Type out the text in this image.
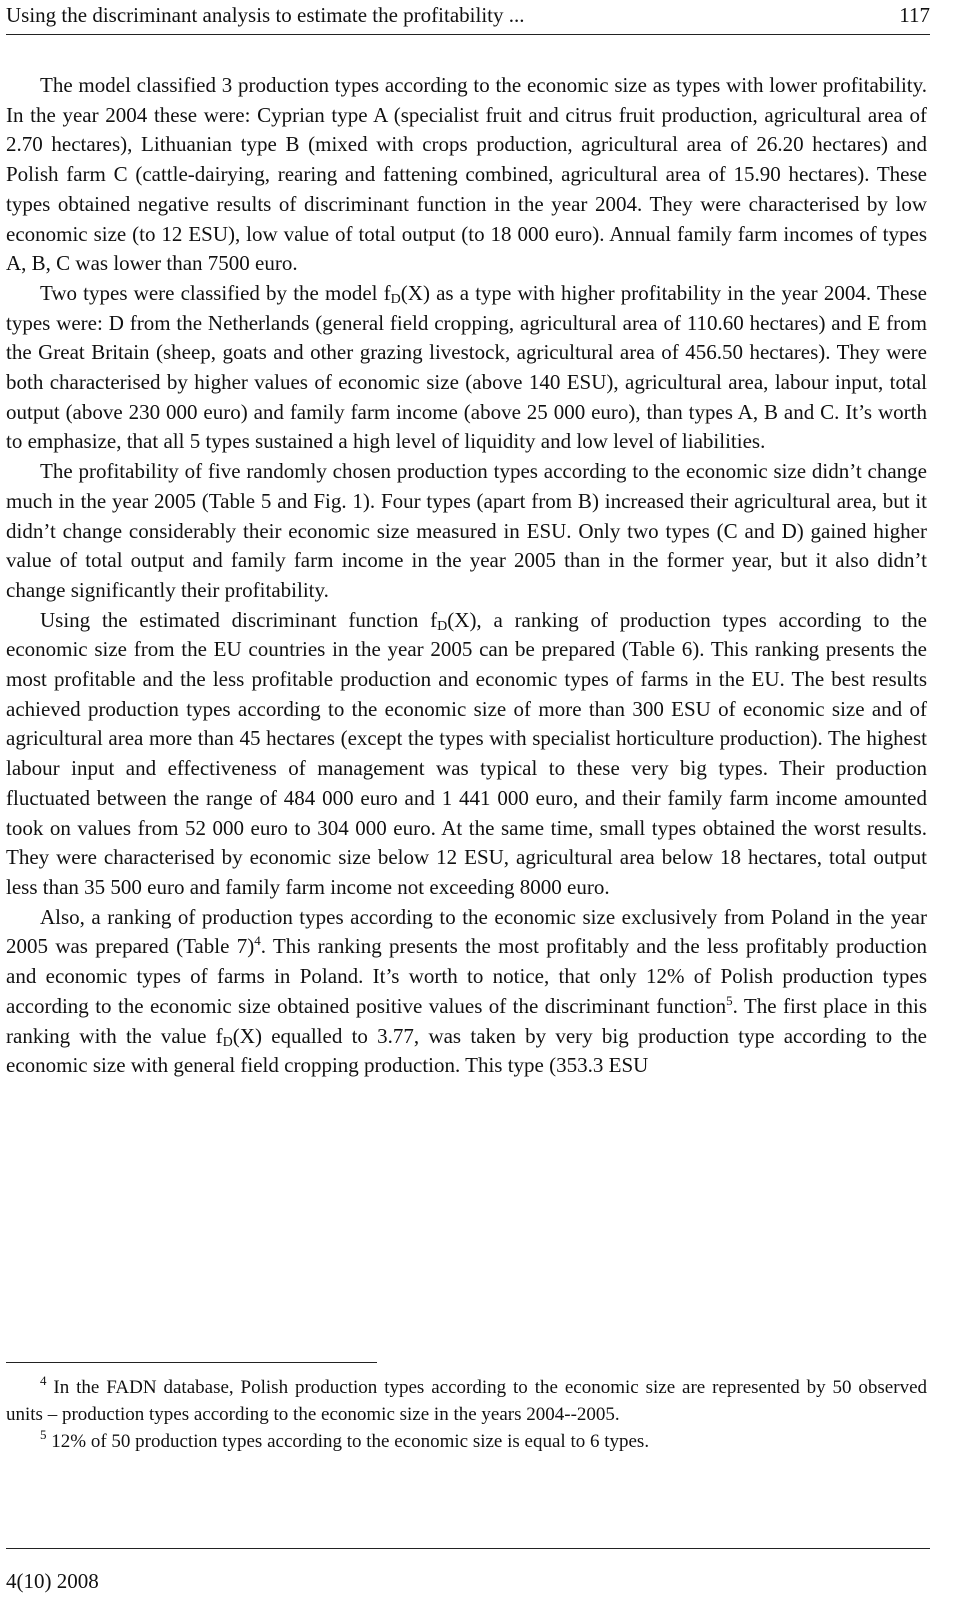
Using the discriminant analysis to estimate the profitability ...	117

The model classified 3 production types according to the economic size as types with lower profitability. In the year 2004 these were: Cyprian type A (specialist fruit and citrus fruit production, agricultural area of 2.70 hectares), Lithuanian type B (mixed with crops production, agricultural area of 26.20 hectares) and Polish farm C (cattle-dairying, rearing and fattening combined, agricultural area of 15.90 hectares). These types obtained negative results of discriminant function in the year 2004. They were characterised by low economic size (to 12 ESU), low value of total output (to 18 000 euro). Annual family farm incomes of types A, B, C was lower than 7500 euro.

Two types were classified by the model $f_D(X)$ as a type with higher profitability in the year 2004. These types were: D from the Netherlands (general field cropping, agricultural area of 110.60 hectares) and E from the Great Britain (sheep, goats and other grazing livestock, agricultural area of 456.50 hectares). They were both characterised by higher values of economic size (above 140 ESU), agricultural area, labour input, total output (above 230 000 euro) and family farm income (above 25 000 euro), than types A, B and C. It’s worth to emphasize, that all 5 types sustained a high level of liquidity and low level of liabilities.

The profitability of five randomly chosen production types according to the economic size didn’t change much in the year 2005 (Table 5 and Fig. 1). Four types (apart from B) increased their agricultural area, but it didn’t change considerably their economic size measured in ESU. Only two types (C and D) gained higher value of total output and family farm income in the year 2005 than in the former year, but it also didn’t change significantly their profitability.

Using the estimated discriminant function $f_D(X)$, a ranking of production types according to the economic size from the EU countries in the year 2005 can be prepared (Table 6). This ranking presents the most profitable and the less profitable production and economic types of farms in the EU. The best results achieved production types according to the economic size of more than 300 ESU of economic size and of agricultural area more than 45 hectares (except the types with specialist horticulture production). The highest labour input and effectiveness of management was typical to these very big types. Their production fluctuated between the range of 484 000 euro and 1 441 000 euro, and their family farm income amounted took on values from 52 000 euro to 304 000 euro. At the same time, small types obtained the worst results. They were characterised by economic size below 12 ESU, agricultural area below 18 hectares, total output less than 35 500 euro and family farm income not exceeding 8000 euro.

Also, a ranking of production types according to the economic size exclusively from Poland in the year 2005 was prepared (Table 7)$^4$. This ranking presents the most profitably and the less profitably production and economic types of farms in Poland. It’s worth to notice, that only 12% of Polish production types according to the economic size obtained positive values of the discriminant function$^5$. The first place in this ranking with the value $f_D(X)$ equalled to 3.77, was taken by very big production type according to the economic size with general field cropping production. This type (353.3 ESU

$^4$ In the FADN database, Polish production types according to the economic size are represented by 50 observed units – production types according to the economic size in the years 2004--2005.

$^5$ 12% of 50 production types according to the economic size is equal to 6 types.

4(10) 2008
